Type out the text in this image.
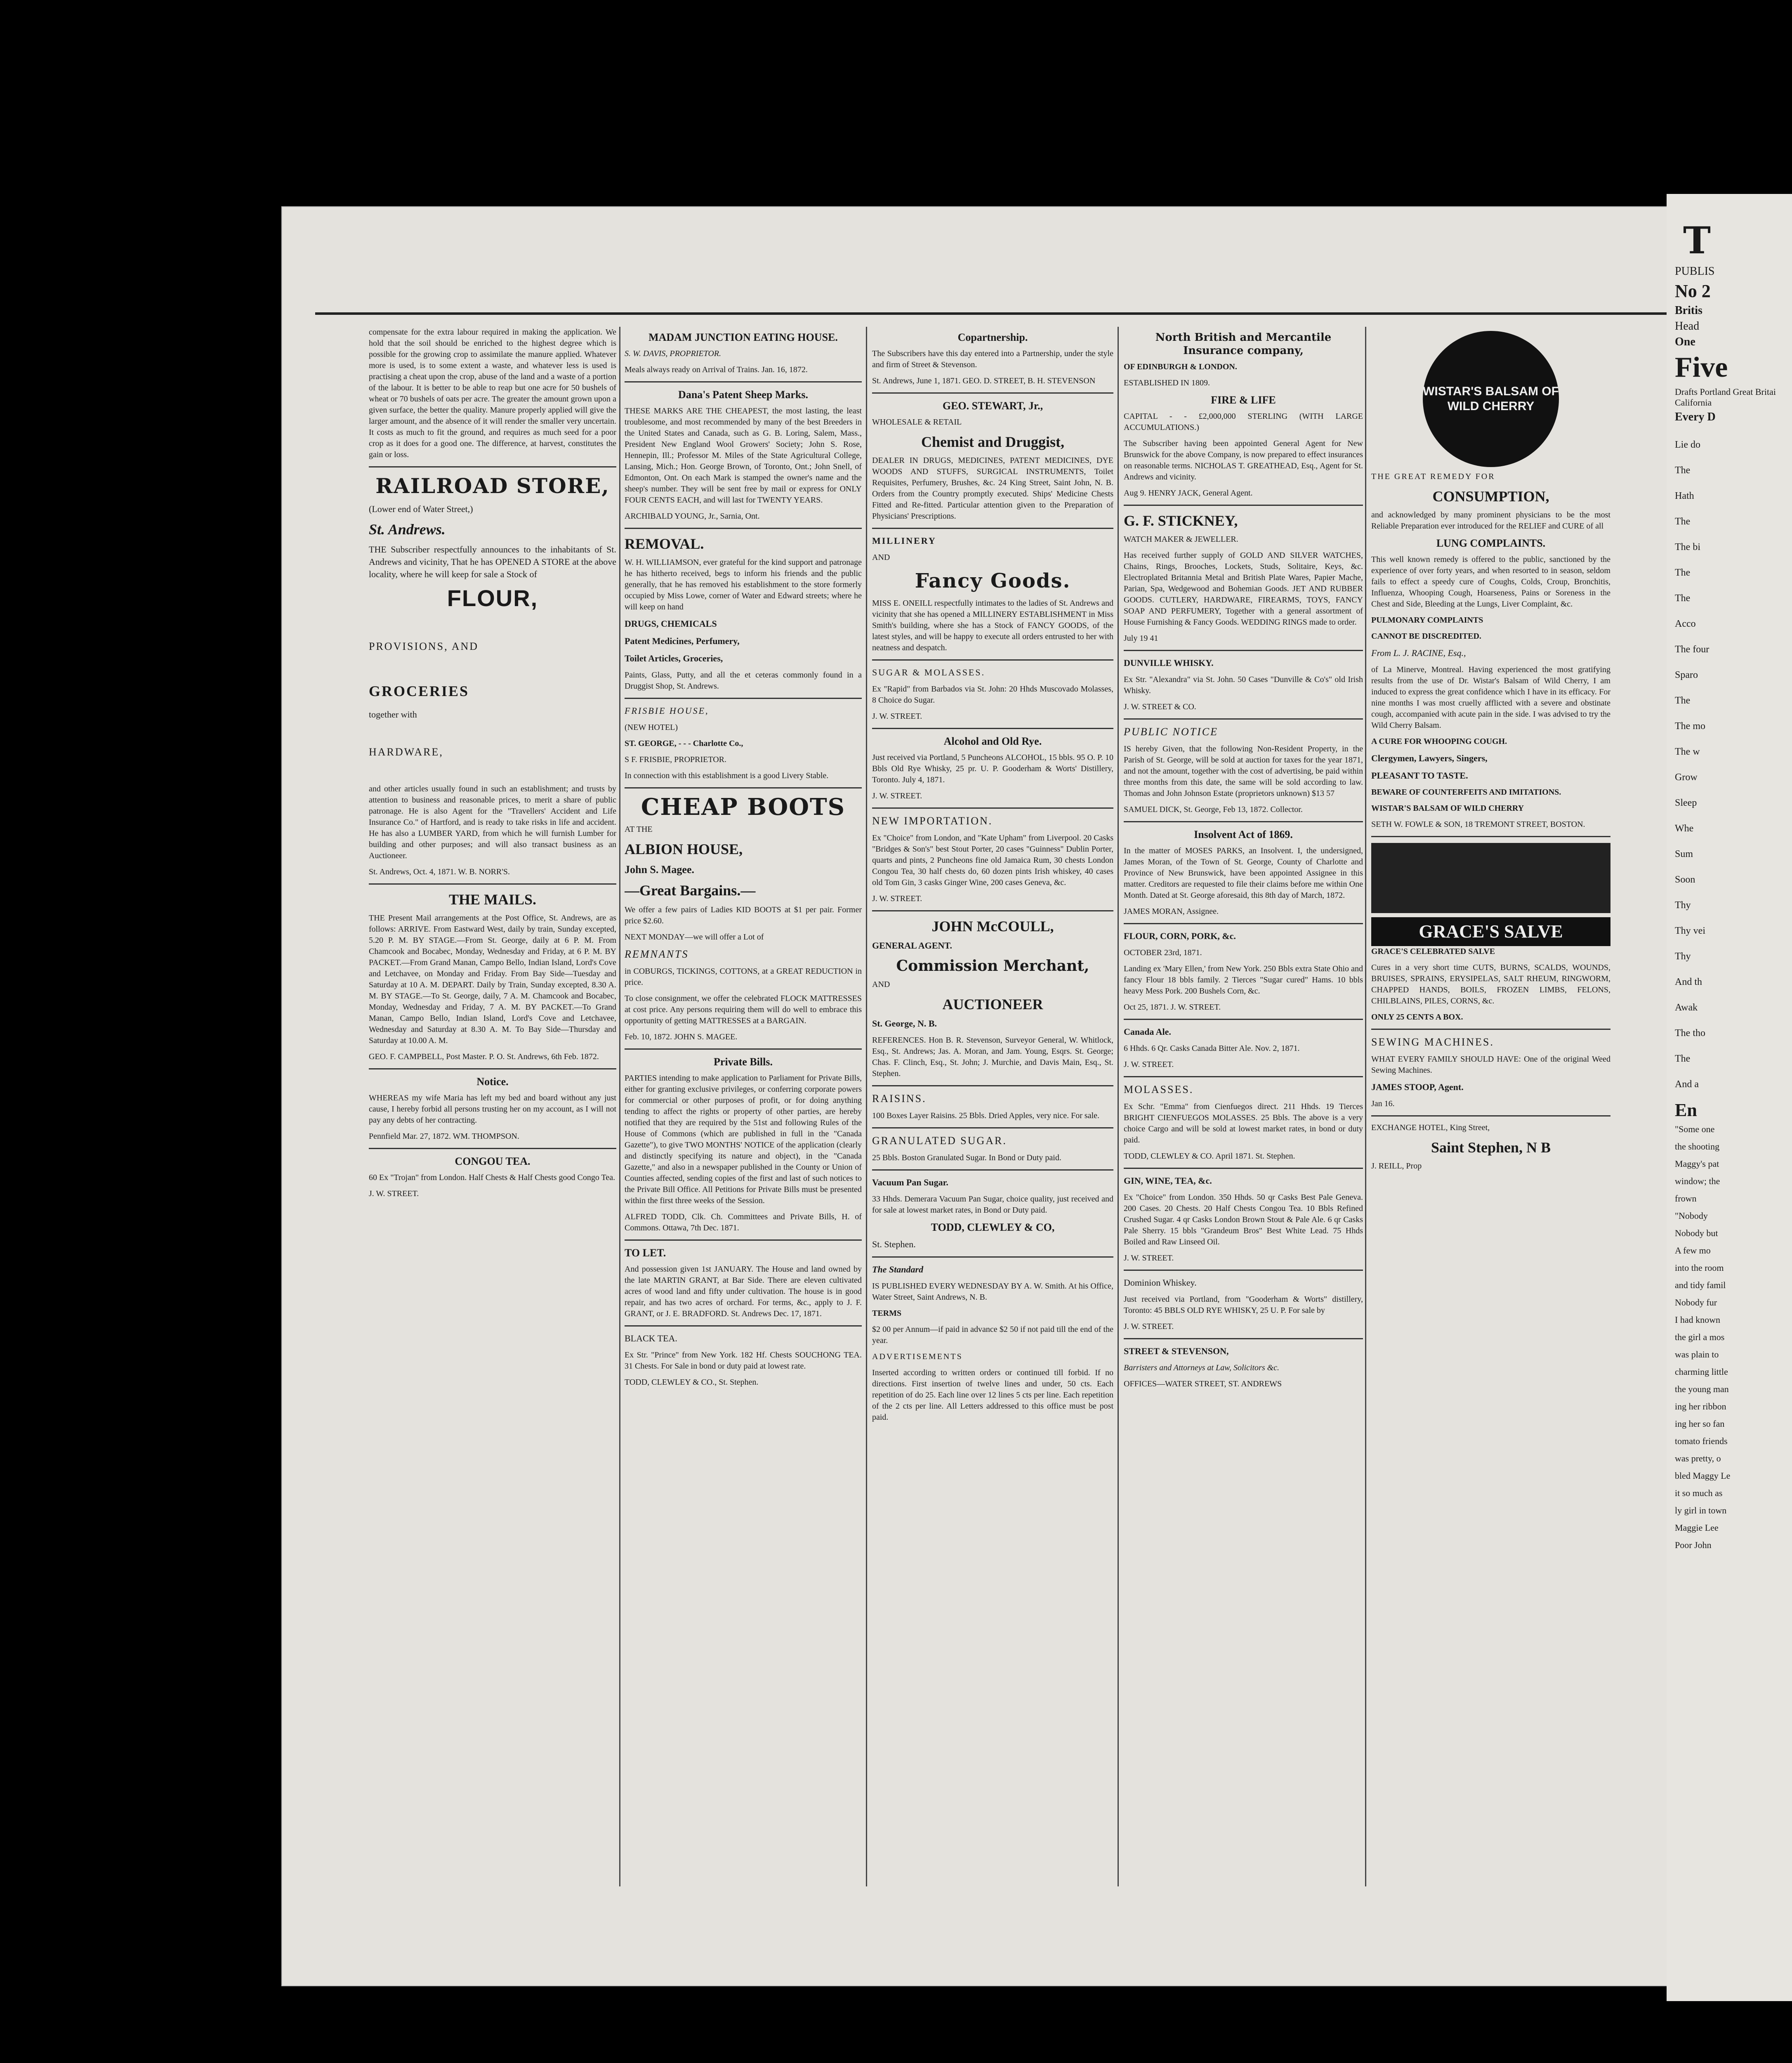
compensate for the extra labour required in making the application. We hold that the soil should be enriched to the highest degree which is possible for the growing crop to assimilate the manure applied. Whatever more is used, is to some extent a waste, and whatever less is used is practising a cheat upon the crop, abuse of the land and a waste of a portion of the labour. It is better to be able to reap but one acre for 50 bushels of wheat or 70 bushels of oats per acre. The greater the amount grown upon a given surface, the better the quality. Manure properly applied will give the larger amount, and the absence of it will render the smaller very uncertain. It costs as much to fit the ground, and requires as much seed for a poor crop as it does for a good one. The difference, at harvest, constitutes the gain or loss.

RAILROAD STORE,

(Lower end of Water Street,)

St. Andrews.

THE Subscriber respectfully announces to the inhabitants of St. Andrews and vicinity, That he has OPENED A STORE at the above locality, where he will keep for sale a Stock of

FLOUR,

PROVISIONS, AND

GROCERIES

together with

HARDWARE,

and other articles usually found in such an establishment; and trusts by attention to business and reasonable prices, to merit a share of public patronage. He is also Agent for the "Travellers' Accident and Life Insurance Co." of Hartford, and is ready to take risks in life and accident. He has also a LUMBER YARD, from which he will furnish Lumber for building and other purposes; and will also transact business as an Auctioneer.

St. Andrews, Oct. 4, 1871. W. B. NORR'S.

THE MAILS.

THE Present Mail arrangements at the Post Office, St. Andrews, are as follows: ARRIVE. From Eastward West, daily by train, Sunday excepted, 5.20 P. M. BY STAGE.—From St. George, daily at 6 P. M. From Chamcook and Bocabec, Monday, Wednesday and Friday, at 6 P. M. BY PACKET.—From Grand Manan, Campo Bello, Indian Island, Lord's Cove and Letchavee, on Monday and Friday. From Bay Side—Tuesday and Saturday at 10 A. M. DEPART. Daily by Train, Sunday excepted, 8.30 A. M. BY STAGE.—To St. George, daily, 7 A. M. Chamcook and Bocabec, Monday, Wednesday and Friday, 7 A. M. BY PACKET.—To Grand Manan, Campo Bello, Indian Island, Lord's Cove and Letchavee, Wednesday and Saturday at 8.30 A. M. To Bay Side—Thursday and Saturday at 10.00 A. M.

GEO. F. CAMPBELL, Post Master. P. O. St. Andrews, 6th Feb. 1872.

Notice.

WHEREAS my wife Maria has left my bed and board without any just cause, I hereby forbid all persons trusting her on my account, as I will not pay any debts of her contracting.

Pennfield Mar. 27, 1872. WM. THOMPSON.

CONGOU TEA.

60 Ex "Trojan" from London. Half Chests & Half Chests good Congo Tea.

J. W. STREET.

MADAM JUNCTION EATING HOUSE.

S. W. DAVIS, PROPRIETOR.

Meals always ready on Arrival of Trains. Jan. 16, 1872.

Dana's Patent Sheep Marks.

THESE MARKS ARE THE CHEAPEST, the most lasting, the least troublesome, and most recommended by many of the best Breeders in the United States and Canada, such as G. B. Loring, Salem, Mass., President New England Wool Growers' Society; John S. Rose, Hennepin, Ill.; Professor M. Miles of the State Agricultural College, Lansing, Mich.; Hon. George Brown, of Toronto, Ont.; John Snell, of Edmonton, Ont. On each Mark is stamped the owner's name and the sheep's number. They will be sent free by mail or express for ONLY FOUR CENTS EACH, and will last for TWENTY YEARS.

ARCHIBALD YOUNG, Jr., Sarnia, Ont.

REMOVAL.

W. H. WILLIAMSON, ever grateful for the kind support and patronage he has hitherto received, begs to inform his friends and the public generally, that he has removed his establishment to the store formerly occupied by Miss Lowe, corner of Water and Edward streets; where he will keep on hand

DRUGS, CHEMICALS

Patent Medicines, Perfumery,

Toilet Articles, Groceries,

Paints, Glass, Putty, and all the et ceteras commonly found in a Druggist Shop, St. Andrews.

FRISBIE HOUSE,

(NEW HOTEL)

ST. GEORGE, - - - Charlotte Co.,

S F. FRISBIE, PROPRIETOR.

In connection with this establishment is a good Livery Stable.

CHEAP BOOTS

AT THE

ALBION HOUSE,

John S. Magee.

—Great Bargains.—

We offer a few pairs of Ladies KID BOOTS at $1 per pair. Former price $2.60.

NEXT MONDAY—we will offer a Lot of

REMNANTS

in COBURGS, TICKINGS, COTTONS, at a GREAT REDUCTION in price.

To close consignment, we offer the celebrated FLOCK MATTRESSES at cost price. Any persons requiring them will do well to embrace this opportunity of getting MATTRESSES at a BARGAIN.

Feb. 10, 1872. JOHN S. MAGEE.

Private Bills.

PARTIES intending to make application to Parliament for Private Bills, either for granting exclusive privileges, or conferring corporate powers for commercial or other purposes of profit, or for doing anything tending to affect the rights or property of other parties, are hereby notified that they are required by the 51st and following Rules of the House of Commons (which are published in full in the "Canada Gazette"), to give TWO MONTHS' NOTICE of the application (clearly and distinctly specifying its nature and object), in the "Canada Gazette," and also in a newspaper published in the County or Union of Counties affected, sending copies of the first and last of such notices to the Private Bill Office. All Petitions for Private Bills must be presented within the first three weeks of the Session.

ALFRED TODD, Clk. Ch. Committees and Private Bills, H. of Commons. Ottawa, 7th Dec. 1871.

TO LET.

And possession given 1st JANUARY. The House and land owned by the late MARTIN GRANT, at Bar Side. There are eleven cultivated acres of wood land and fifty under cultivation. The house is in good repair, and has two acres of orchard. For terms, &c., apply to J. F. GRANT, or J. E. BRADFORD. St. Andrews Dec. 17, 1871.

BLACK TEA.

Ex Str. "Prince" from New York. 182 Hf. Chests SOUCHONG TEA. 31 Chests. For Sale in bond or duty paid at lowest rate.

TODD, CLEWLEY & CO., St. Stephen.

Copartnership.

The Subscribers have this day entered into a Partnership, under the style and firm of Street & Stevenson.

St. Andrews, June 1, 1871. GEO. D. STREET, B. H. STEVENSON

GEO. STEWART, Jr.,

WHOLESALE & RETAIL

Chemist and Druggist,

DEALER IN DRUGS, MEDICINES, PATENT MEDICINES, DYE WOODS AND STUFFS, SURGICAL INSTRUMENTS, Toilet Requisites, Perfumery, Brushes, &c. 24 King Street, Saint John, N. B. Orders from the Country promptly executed. Ships' Medicine Chests Fitted and Re-fitted. Particular attention given to the Preparation of Physicians' Prescriptions.

MILLINERY

AND

Fancy Goods.

MISS E. ONEILL respectfully intimates to the ladies of St. Andrews and vicinity that she has opened a MILLINERY ESTABLISHMENT in Miss Smith's building, where she has a Stock of FANCY GOODS, of the latest styles, and will be happy to execute all orders entrusted to her with neatness and despatch.

SUGAR & MOLASSES.

Ex "Rapid" from Barbados via St. John: 20 Hhds Muscovado Molasses, 8 Choice do Sugar.

J. W. STREET.

Alcohol and Old Rye.

Just received via Portland, 5 Puncheons ALCOHOL, 15 bbls. 95 O. P. 10 Bbls Old Rye Whisky, 25 pr. U. P. Gooderham & Worts' Distillery, Toronto. July 4, 1871.

J. W. STREET.

NEW IMPORTATION.

Ex "Choice" from London, and "Kate Upham" from Liverpool. 20 Casks "Bridges & Son's" best Stout Porter, 20 cases "Guinness" Dublin Porter, quarts and pints, 2 Puncheons fine old Jamaica Rum, 30 chests London Congou Tea, 30 half chests do, 60 dozen pints Irish whiskey, 40 cases old Tom Gin, 3 casks Ginger Wine, 200 cases Geneva, &c.

J. W. STREET.

JOHN McCOULL,

GENERAL AGENT.

Commission Merchant,

AND

AUCTIONEER

St. George, N. B.

REFERENCES. Hon B. R. Stevenson, Surveyor General, W. Whitlock, Esq., St. Andrews; Jas. A. Moran, and Jam. Young, Esqrs. St. George; Chas. F. Clinch, Esq., St. John; J. Murchie, and Davis Main, Esq., St. Stephen.

RAISINS.

100 Boxes Layer Raisins. 25 Bbls. Dried Apples, very nice. For sale.

GRANULATED SUGAR.

25 Bbls. Boston Granulated Sugar. In Bond or Duty paid.

Vacuum Pan Sugar.

33 Hhds. Demerara Vacuum Pan Sugar, choice quality, just received and for sale at lowest market rates, in Bond or Duty paid.

TODD, CLEWLEY & CO,

St. Stephen.

The Standard

IS PUBLISHED EVERY WEDNESDAY BY A. W. Smith. At his Office, Water Street, Saint Andrews, N. B.

TERMS

$2 00 per Annum—if paid in advance $2 50 if not paid till the end of the year.

ADVERTISEMENTS

Inserted according to written orders or continued till forbid. If no directions. First insertion of twelve lines and under, 50 cts. Each repetition of do 25. Each line over 12 lines 5 cts per line. Each repetition of the 2 cts per line. All Letters addressed to this office must be post paid.

North British and Mercantile Insurance company,

OF EDINBURGH & LONDON.

ESTABLISHED IN 1809.

FIRE & LIFE

CAPITAL - - £2,000,000 STERLING (WITH LARGE ACCUMULATIONS.)

The Subscriber having been appointed General Agent for New Brunswick for the above Company, is now prepared to effect insurances on reasonable terms. NICHOLAS T. GREATHEAD, Esq., Agent for St. Andrews and vicinity.

Aug 9. HENRY JACK, General Agent.

G. F. STICKNEY,

WATCH MAKER & JEWELLER.

Has received further supply of GOLD AND SILVER WATCHES, Chains, Rings, Brooches, Lockets, Studs, Solitaire, Keys, &c. Electroplated Britannia Metal and British Plate Wares, Papier Mache, Parian, Spa, Wedgewood and Bohemian Goods. JET AND RUBBER GOODS. CUTLERY, HARDWARE, FIREARMS, TOYS, FANCY SOAP AND PERFUMERY, Together with a general assortment of House Furnishing & Fancy Goods. WEDDING RINGS made to order.

July 19 41

DUNVILLE WHISKY.

Ex Str. "Alexandra" via St. John. 50 Cases "Dunville & Co's" old Irish Whisky.

J. W. STREET & CO.

PUBLIC NOTICE

IS hereby Given, that the following Non-Resident Property, in the Parish of St. George, will be sold at auction for taxes for the year 1871, and not the amount, together with the cost of advertising, be paid within three months from this date, the same will be sold according to law. Thomas and John Johnson Estate (proprietors unknown) $13 57

SAMUEL DICK, St. George, Feb 13, 1872. Collector.

Insolvent Act of 1869.

In the matter of MOSES PARKS, an Insolvent. I, the undersigned, James Moran, of the Town of St. George, County of Charlotte and Province of New Brunswick, have been appointed Assignee in this matter. Creditors are requested to file their claims before me within One Month. Dated at St. George aforesaid, this 8th day of March, 1872.

JAMES MORAN, Assignee.

FLOUR, CORN, PORK, &c.

OCTOBER 23rd, 1871.

Landing ex 'Mary Ellen,' from New York. 250 Bbls extra State Ohio and fancy Flour 18 bbls family. 2 Tierces "Sugar cured" Hams. 10 bbls heavy Mess Pork. 200 Bushels Corn, &c.

Oct 25, 1871. J. W. STREET.

Canada Ale.

6 Hhds. 6 Qr. Casks Canada Bitter Ale. Nov. 2, 1871.

J. W. STREET.

MOLASSES.

Ex Schr. "Emma" from Cienfuegos direct. 211 Hhds. 19 Tierces BRIGHT CIENFUEGOS MOLASSES. 25 Bbls. The above is a very choice Cargo and will be sold at lowest market rates, in bond or duty paid.

TODD, CLEWLEY & CO. April 1871. St. Stephen.

GIN, WINE, TEA, &c.

Ex "Choice" from London. 350 Hhds. 50 qr Casks Best Pale Geneva. 200 Cases. 20 Chests. 20 Half Chests Congou Tea. 10 Bbls Refined Crushed Sugar. 4 qr Casks London Brown Stout & Pale Ale. 6 qr Casks Pale Sherry. 15 bbls "Grandeum Bros" Best White Lead. 75 Hhds Boiled and Raw Linseed Oil.

J. W. STREET.

Dominion Whiskey.

Just received via Portland, from "Gooderham & Worts" distillery, Toronto: 45 BBLS OLD RYE WHISKY, 25 U. P. For sale by

J. W. STREET.

STREET & STEVENSON,

Barristers and Attorneys at Law, Solicitors &c.

OFFICES—WATER STREET, ST. ANDREWS

WISTAR'S BALSAM OF WILD CHERRY

THE GREAT REMEDY FOR

CONSUMPTION,

and acknowledged by many prominent physicians to be the most Reliable Preparation ever introduced for the RELIEF and CURE of all

LUNG COMPLAINTS.

This well known remedy is offered to the public, sanctioned by the experience of over forty years, and when resorted to in season, seldom fails to effect a speedy cure of Coughs, Colds, Croup, Bronchitis, Influenza, Whooping Cough, Hoarseness, Pains or Soreness in the Chest and Side, Bleeding at the Lungs, Liver Complaint, &c.

PULMONARY COMPLAINTS

CANNOT BE DISCREDITED.

From L. J. RACINE, Esq.,

of La Minerve, Montreal. Having experienced the most gratifying results from the use of Dr. Wistar's Balsam of Wild Cherry, I am induced to express the great confidence which I have in its efficacy. For nine months I was most cruelly afflicted with a severe and obstinate cough, accompanied with acute pain in the side. I was advised to try the Wild Cherry Balsam.

A CURE FOR WHOOPING COUGH.

Clergymen, Lawyers, Singers,

PLEASANT TO TASTE.

BEWARE OF COUNTERFEITS AND IMITATIONS.

WISTAR'S BALSAM OF WILD CHERRY

SETH W. FOWLE & SON, 18 TREMONT STREET, BOSTON.

GRACE'S SALVE

GRACE'S CELEBRATED SALVE

Cures in a very short time CUTS, BURNS, SCALDS, WOUNDS, BRUISES, SPRAINS, ERYSIPELAS, SALT RHEUM, RINGWORM, CHAPPED HANDS, BOILS, FROZEN LIMBS, FELONS, CHILBLAINS, PILES, CORNS, &c.

ONLY 25 CENTS A BOX.

SEWING MACHINES.

WHAT EVERY FAMILY SHOULD HAVE: One of the original Weed Sewing Machines.

JAMES STOOP, Agent.

Jan 16.

EXCHANGE HOTEL, King Street,

Saint Stephen, N B

J. REILL, Prop

T

PUBLIS

No 2

Britis

Head

One

Five

Drafts Portland Great Britai California

Every D

Lie do
The
Hath
The
The bi
The
The
Acco
The four
Sparo
The
The mo
The w
Grow
Sleep
Whe
Sum
Soon
Thy
Thy vei
Thy
And th
Awak
The tho
The
And a

En

"Some one
the shooting
Maggy's pat
window; the
frown
"Nobody
Nobody but
A few mo
into the room
and tidy famil
Nobody fur
I had known
the girl a mos
was plain to
charming little
the young man
ing her ribbon
ing her so fan
tomato friends
was pretty, o
bled Maggy Le
it so much as
ly girl in town
Maggie Lee
Poor John
